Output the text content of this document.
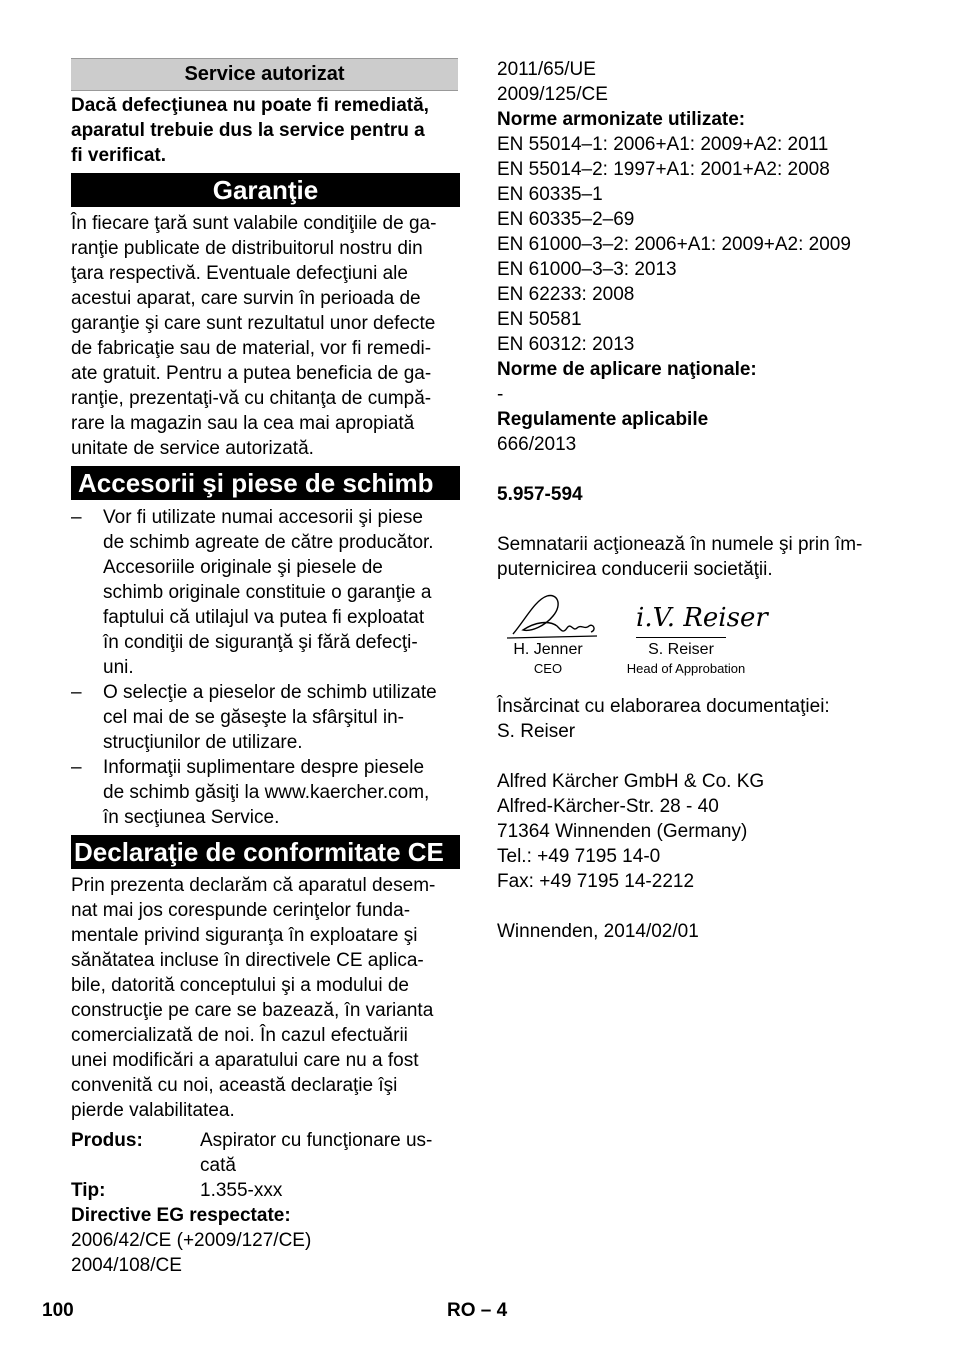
Service autorizat
Dacă defecţiunea nu poate fi remediată,
aparatul trebuie dus la service pentru a
fi verificat.
Garanţie
În fiecare ţară sunt valabile condiţiile de ga-
ranţie publicate de distribuitorul nostru din
ţara respectivă. Eventuale defecţiuni ale
acestui aparat, care survin în perioada de
garanţie şi care sunt rezultatul unor defecte
de fabricaţie sau de material, vor fi remedi-
ate gratuit. Pentru a putea beneficia de ga-
ranţie, prezentaţi-vă cu chitanţa de cumpă-
rare la magazin sau la cea mai apropiată
unitate de service autorizată.
Accesorii şi piese de schimb
– Vor fi utilizate numai accesorii şi piese
de schimb agreate de către producător.
Accesoriile originale şi piesele de
schimb originale constituie o garanţie a
faptului că utilajul va putea fi exploatat
în condiţii de siguranţă şi fără defecţi-
uni.
– O selecţie a pieselor de schimb utilizate
cel mai de se găseşte la sfârşitul in-
strucţiunilor de utilizare.
– Informaţii suplimentare despre piesele
de schimb găsiţi la www.kaercher.com,
în secţiunea Service.
Declaraţie de conformitate CE
Prin prezenta declarăm că aparatul desem-
nat mai jos corespunde cerinţelor funda-
mentale privind siguranţa în exploatare şi
sănătatea incluse în directivele CE aplica-
bile, datorită conceptului şi a modului de
construcţie pe care se bazează, în varianta
comercializată de noi. În cazul efectuării
unei modificări a aparatului care nu a fost
convenită cu noi, această declaraţie îşi
pierde valabilitatea.
Produs:	Aspirator cu funcţionare us-
cată
Tip:	1.355-xxx
Directive EG respectate:
2006/42/CE (+2009/127/CE)
2004/108/CE
2011/65/UE
2009/125/CE
Norme armonizate utilizate:
EN 55014–1: 2006+A1: 2009+A2: 2011
EN 55014–2: 1997+A1: 2001+A2: 2008
EN 60335–1
EN 60335–2–69
EN 61000–3–2: 2006+A1: 2009+A2: 2009
EN 61000–3–3: 2013
EN 62233: 2008
EN 50581
EN 60312: 2013
Norme de aplicare naţionale:
-
Regulamente aplicabile
666/2013
5.957-594
Semnatarii acţionează în numele şi prin îm-
puternicirea conducerii societăţii.
i.V. Reiser
H. Jenner
CEO
S. Reiser
Head of Approbation
Însărcinat cu elaborarea documentaţiei:
S. Reiser
Alfred Kärcher GmbH & Co. KG
Alfred-Kärcher-Str. 28 - 40
71364 Winnenden (Germany)
Tel.: +49 7195 14-0
Fax: +49 7195 14-2212
Winnenden, 2014/02/01
100	RO – 4
